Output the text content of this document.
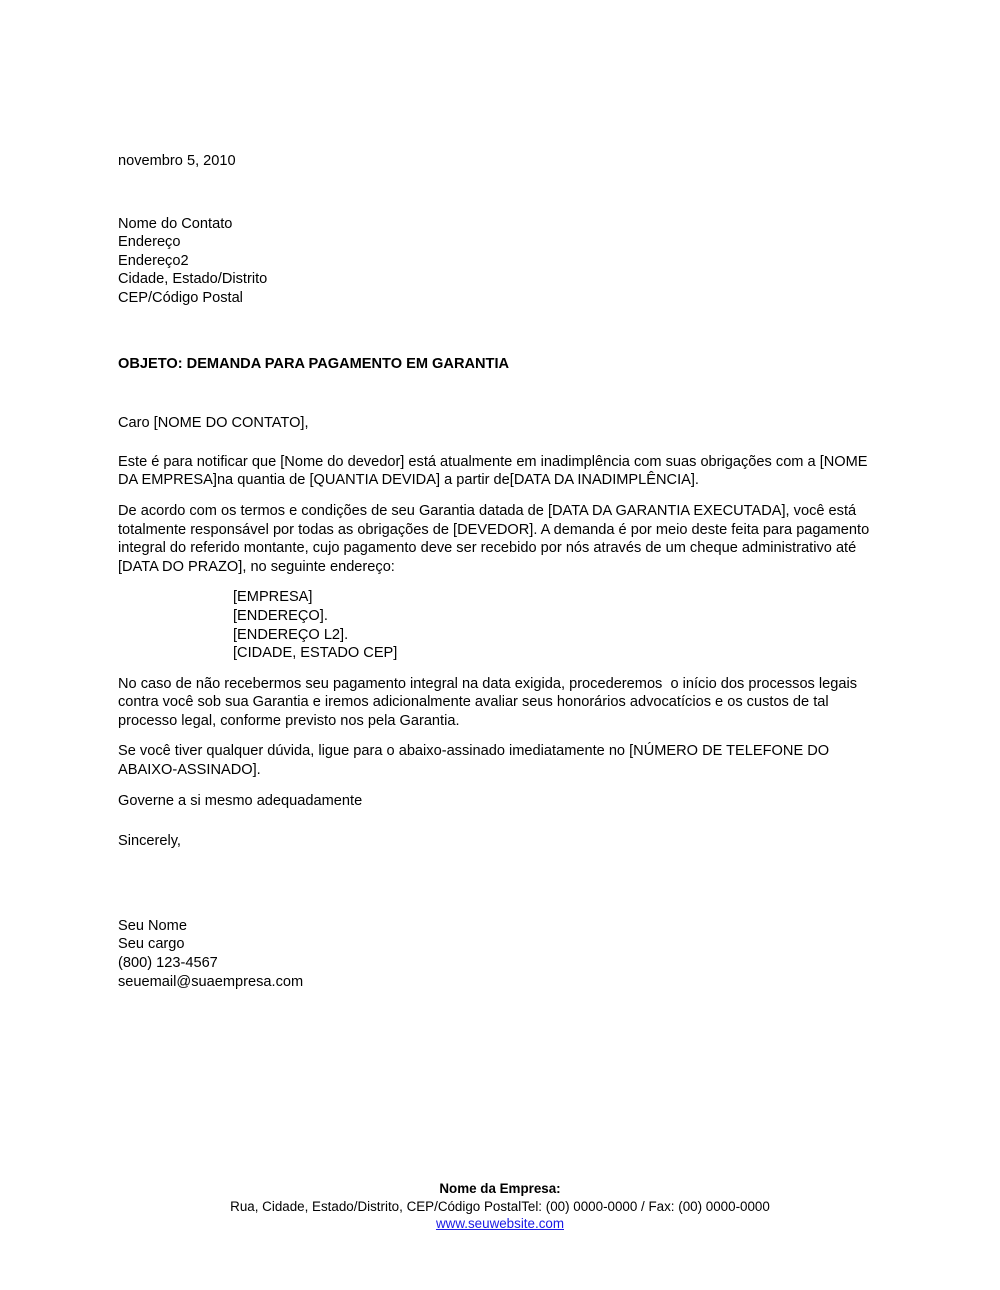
novembro 5, 2010
Nome do Contato
Endereço
Endereço2
Cidade, Estado/Distrito
CEP/Código Postal
OBJETO: DEMANDA PARA PAGAMENTO EM GARANTIA
Caro [NOME DO CONTATO],

Este é para notificar que [Nome do devedor] está atualmente em inadimplência com suas obrigações com a [NOME DA EMPRESA]na quantia de [QUANTIA DEVIDA] a partir de[DATA DA INADIMPLÊNCIA].

De acordo com os termos e condições de seu Garantia datada de [DATA DA GARANTIA EXECUTADA], você está totalmente responsável por todas as obrigações de [DEVEDOR]. A demanda é por meio deste feita para pagamento integral do referido montante, cujo pagamento deve ser recebido por nós através de um cheque administrativo até [DATA DO PRAZO], no seguinte endereço:

[EMPRESA]
[ENDEREÇO].
[ENDEREÇO L2].
[CIDADE, ESTADO CEP]

No caso de não recebermos seu pagamento integral na data exigida, procederemos  o início dos processos legais contra você sob sua Garantia e iremos adicionalmente avaliar seus honorários advocatícios e os custos de tal processo legal, conforme previsto nos pela Garantia.

Se você tiver qualquer dúvida, ligue para o abaixo-assinado imediatamente no [NÚMERO DE TELEFONE DO ABAIXO-ASSINADO].

Governe a si mesmo adequadamente

Sincerely,
Seu Nome
Seu cargo
(800) 123-4567
seuemail@suaempresa.com
Nome da Empresa:
Rua, Cidade, Estado/Distrito, CEP/Código PostalTel: (00) 0000-0000 / Fax: (00) 0000-0000
www.seuwebsite.com
